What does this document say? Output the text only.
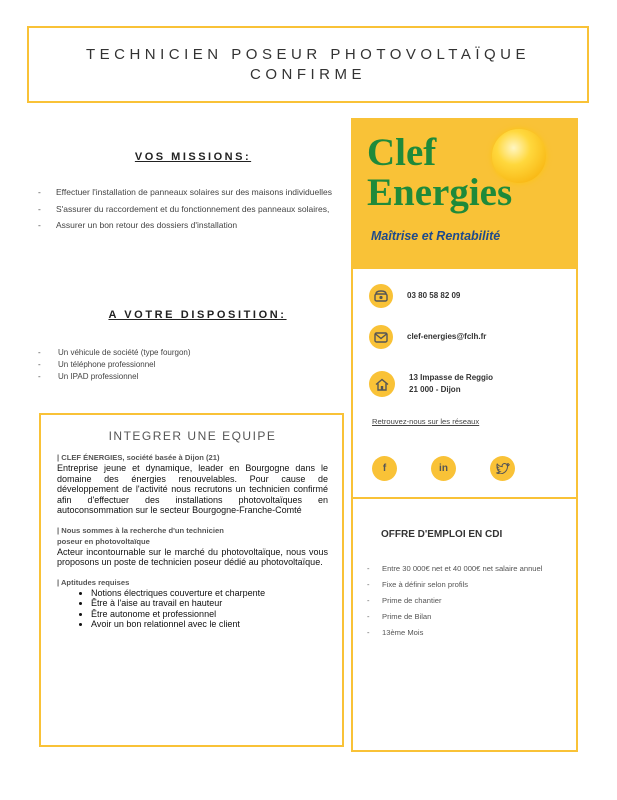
TECHNICIEN POSEUR PHOTOVOLTAÏQUE
CONFIRME
VOS MISSIONS:
- Effectuer l'installation de panneaux solaires sur des maisons individuelles
- S'assurer du raccordement et du fonctionnement des panneaux solaires,
- Assurer un bon retour des dossiers d'installation
A VOTRE DISPOSITION:
- Un véhicule de société (type fourgon)
- Un téléphone professionnel
- Un IPAD professionnel
INTEGRER UNE EQUIPE
| CLEF ÉNERGIES, société basée à Dijon (21)

Entreprise jeune et dynamique, leader en Bourgogne dans le domaine des énergies renouvelables. Pour cause de développement de l'activité nous recrutons un technicien confirmé afin d'effectuer des installations photovoltaïques en autoconsommation sur le secteur Bourgogne-Franche-Comté

| Nous sommes à la recherche d'un technicien
poseur en photovoltaïque

Acteur incontournable sur le marché du photovoltaïque, nous vous proposons un poste de technicien poseur dédié au photovoltaïque.

| Aptitudes requises
• Notions électriques couverture et charpente
• Être à l'aise au travail en hauteur
• Être autonome et professionnel
• Avoir un bon relationnel avec le client
Clef
Energies
Maîtrise et Rentabilité
03 80 58 82 09
clef-energies@fclh.fr
13 Impasse de Reggio
21 000 - Dijon
Retrouvez-nous sur les réseaux
f	in
OFFRE D'EMPLOI EN CDI
- Entre 30 000€ net et 40 000€ net salaire annuel
- Fixe à définir selon profils
- Prime de chantier
- Prime de Bilan
- 13ème Mois
